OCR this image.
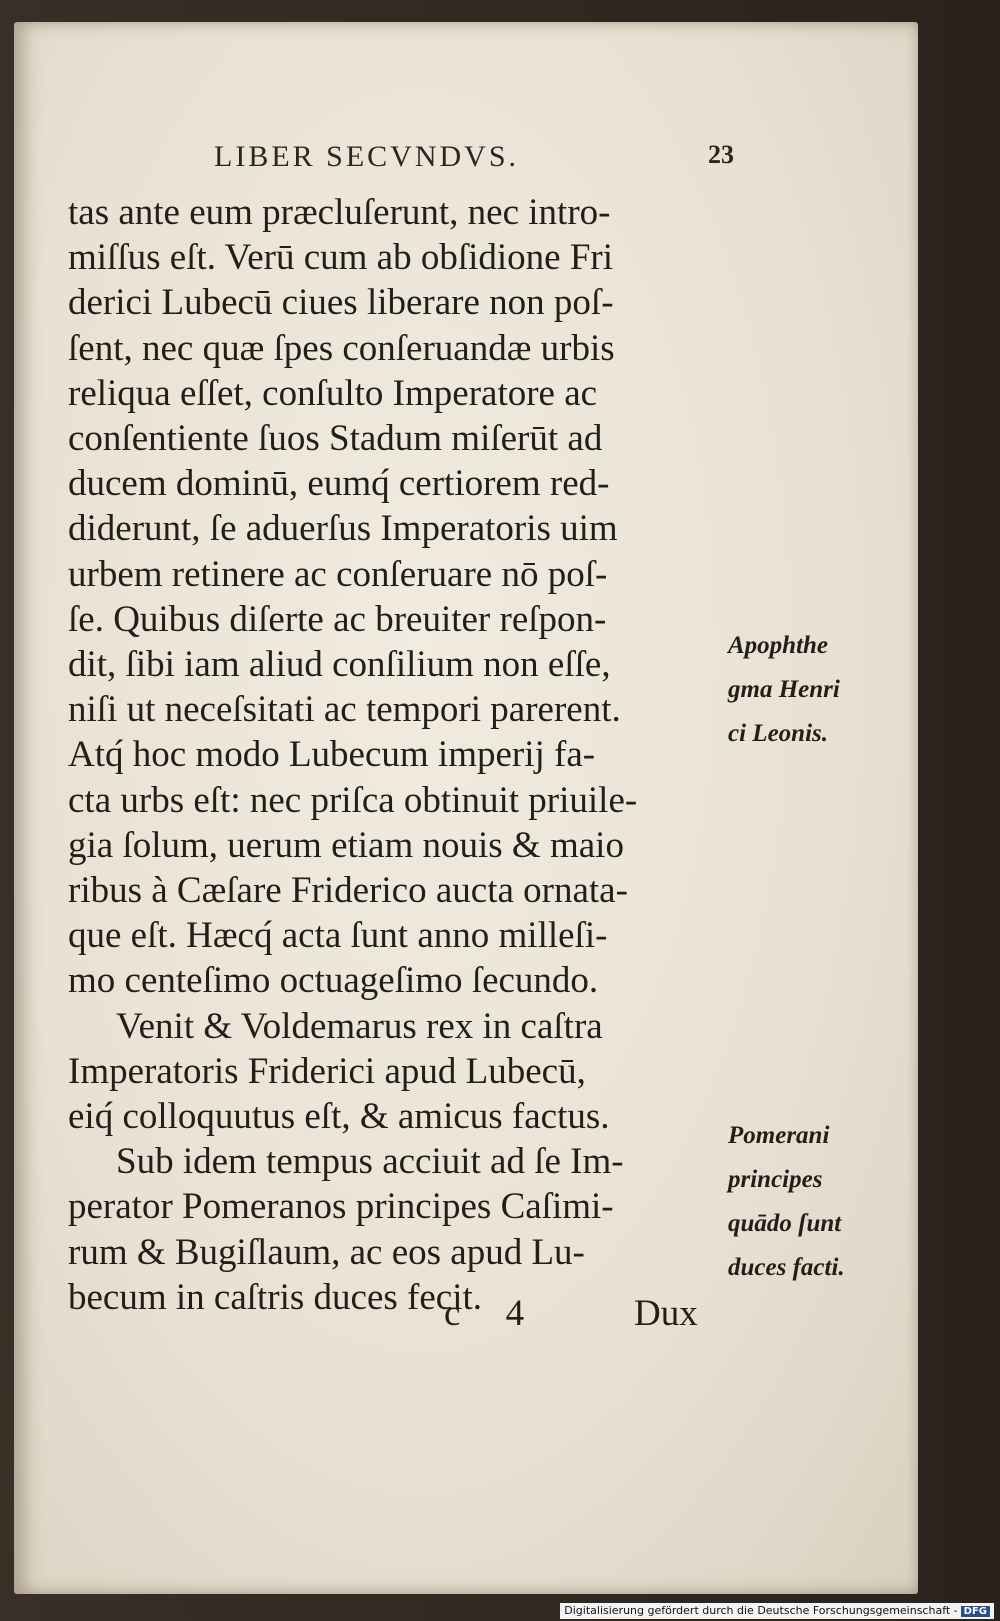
LIBER SECVNDVS.	23
tas ante eum præcluſerunt, nec intro-
miſſus eſt. Verū cum ab obſidione Fri
derici Lubecū ciues liberare non poſ-
ſent, nec quæ ſpes conſeruandæ urbis
reliqua eſſet, conſulto Imperatore ac
conſentiente ſuos Stadum miſerūt ad
ducem dominū, eumq́ certiorem red-
diderunt, ſe aduerſus Imperatoris uim
urbem retinere ac conſeruare nō poſ-
ſe. Quibus diſerte ac breuiter reſpon-
dit, ſibi iam aliud conſilium non eſſe,
niſi ut neceſsitati ac tempori parerent.
Atq́ hoc modo Lubecum imperij fa-
cta urbs eſt: nec priſca obtinuit priuile-
gia ſolum, uerum etiam nouis & maio
ribus à Cæſare Friderico aucta ornata-
que eſt. Hæcq́ acta ſunt anno milleſi-
mo centeſimo octuageſimo ſecundo.
Venit & Voldemarus rex in caſtra
Imperatoris Friderici apud Lubecū,
eiq́ colloquutus eſt, & amicus factus.
Sub idem tempus acciuit ad ſe Im-
perator Pomeranos principes Caſimi-
rum & Bugiſlaum, ac eos apud Lu-
becum in caſtris duces fecit.
Apophthe
gma Henri
ci Leonis.
Pomerani
principes
quādo ſunt
duces facti.
c 4 Dux
Digitalisierung gefördert durch die Deutsche Forschungsgemeinschaft - DFG
